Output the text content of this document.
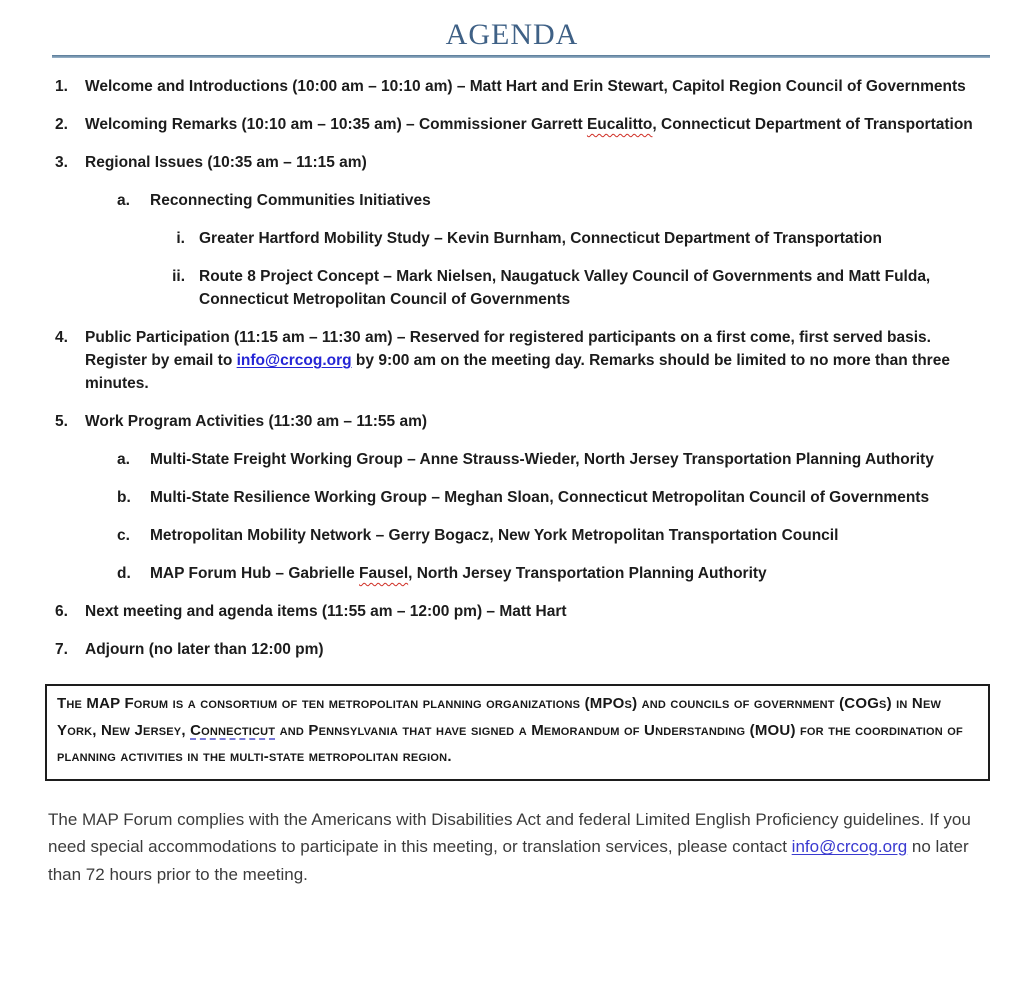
AGENDA
1.	Welcome and Introductions (10:00 am – 10:10 am) – Matt Hart and Erin Stewart, Capitol Region Council of Governments
2.	Welcoming Remarks (10:10 am – 10:35 am) – Commissioner Garrett Eucalitto, Connecticut Department of Transportation
3.	Regional Issues (10:35 am – 11:15 am)
a.	Reconnecting Communities Initiatives
i. Greater Hartford Mobility Study – Kevin Burnham, Connecticut Department of Transportation
ii. Route 8 Project Concept – Mark Nielsen, Naugatuck Valley Council of Governments and Matt Fulda, Connecticut Metropolitan Council of Governments
4.	Public Participation (11:15 am – 11:30 am) – Reserved for registered participants on a first come, first served basis. Register by email to info@crcog.org by 9:00 am on the meeting day. Remarks should be limited to no more than three minutes.
5.	Work Program Activities (11:30 am – 11:55 am)
a.	Multi-State Freight Working Group – Anne Strauss-Wieder, North Jersey Transportation Planning Authority
b.	Multi-State Resilience Working Group – Meghan Sloan, Connecticut Metropolitan Council of Governments
c.	Metropolitan Mobility Network – Gerry Bogacz, New York Metropolitan Transportation Council
d.	MAP Forum Hub – Gabrielle Fausel, North Jersey Transportation Planning Authority
6.	Next meeting and agenda items (11:55 am – 12:00 pm) – Matt Hart
7.	Adjourn (no later than 12:00 pm)
The MAP Forum is a consortium of ten metropolitan planning organizations (MPOs) and councils of government (COGs) in New York, New Jersey, Connecticut and Pennsylvania that have signed a Memorandum of Understanding (MOU) for the coordination of planning activities in the multi-state metropolitan region.

The MAP Forum complies with the Americans with Disabilities Act and federal Limited English Proficiency guidelines. If you need special accommodations to participate in this meeting, or translation services, please contact info@crcog.org no later than 72 hours prior to the meeting.
